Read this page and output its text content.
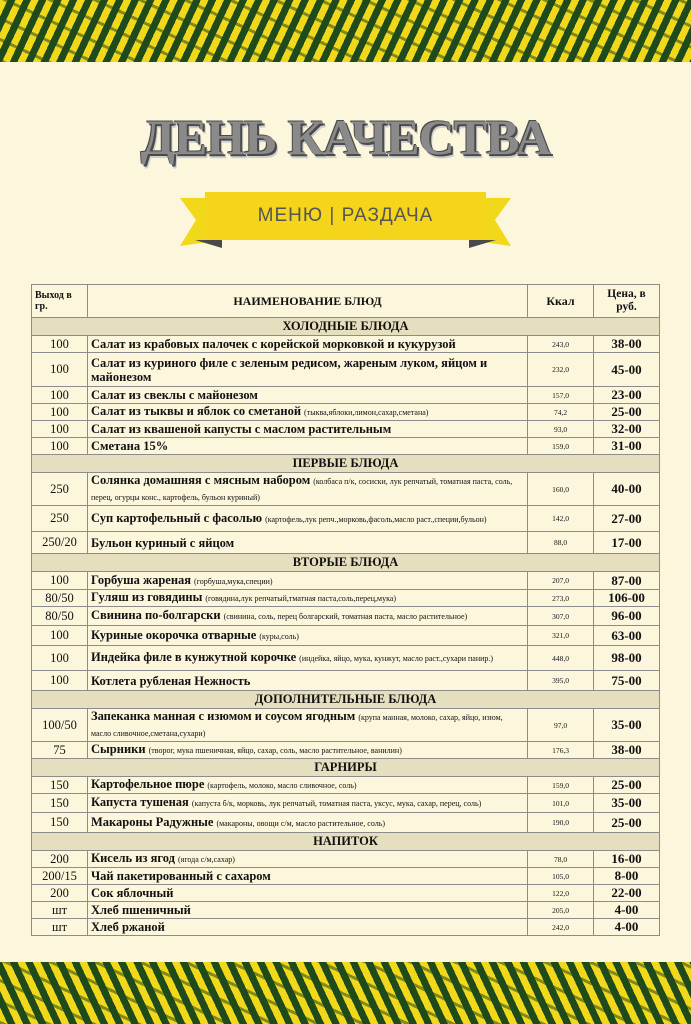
ДЕНЬ КАЧЕСТВА
МЕНЮ | РАЗДАЧА
Выход в гр.	НАИМЕНОВАНИЕ БЛЮД	Ккал	Цена, в руб.
ХОЛОДНЫЕ БЛЮДА			
100	Салат из крабовых палочек с корейской морковкой и кукурузой	243,0	38-00
100	Салат из куриного филе с зеленым редисом, жареным луком, яйцом и майонезом	232,0	45-00
100	Салат из свеклы с майонезом	157,0	23-00
100	Салат из тыквы и яблок со сметаной (тыква,яблоки,лимон,сахар,сметана)	74,2	25-00
100	Салат из квашеной капусты с маслом растительным	93,0	32-00
100	Сметана 15%	159,0	31-00
ПЕРВЫЕ БЛЮДА			
250	Солянка домашняя с мясным набором (колбаса п/к, сосиски, лук репчатый, томатная паста, соль, перец, огурцы конс., картофель, бульон куриный)	160,0	40-00
250	Суп картофельный с фасолью (картофель,лук репч.,морковь,фасоль,масло раст.,специи,бульон)	142,0	27-00
250/20	Бульон куриный с яйцом	88,0	17-00
ВТОРЫЕ БЛЮДА			
100	Горбуша жареная (горбуша,мука,специи)	207,0	87-00
80/50	Гуляш из говядины (говядина,лук репчатый,тматная паста,соль,перец,мука)	273,0	106-00
80/50	Свинина по-болгарски (свинина, соль, перец болгарский, томатная паста, масло растительное)	307,0	96-00
100	Куриные окорочка отварные (куры,соль)	321,0	63-00
100	Индейка филе в кунжутной корочке (индейка, яйцо, мука, кунжут, масло раст.,сухари панир.)	448,0	98-00
100	Котлета рубленая Нежность	395,0	75-00
ДОПОЛНИТЕЛЬНЫЕ БЛЮДА			
100/50	Запеканка манная с изюмом и соусом ягодным (крупа манная, молоко, сахар, яйцо, изюм, масло сливочное,сметана,сухари)	97,0	35-00
75	Сырники (творог, мука пшеничная, яйцо, сахар, соль, масло растительное, ванилин)	176,3	38-00
ГАРНИРЫ			
150	Картофельное пюре (картофель, молоко, масло сливочное, соль)	159,0	25-00
150	Капуста тушеная (капуста б/к, морковь, лук репчатый, томатная паста, уксус, мука, сахар, перец, соль)	101,0	35-00
150	Макароны Радужные (макароны, овощи с/м, масло растительное, соль)	190,0	25-00
НАПИТОК			
200	Кисель из ягод (ягода с/м,сахар)	78,0	16-00
200/15	Чай пакетированный с сахаром	105,0	8-00
200	Сок яблочный	122,0	22-00
шт	Хлеб пшеничный	205,0	4-00
шт	Хлеб ржаной	242,0	4-00
